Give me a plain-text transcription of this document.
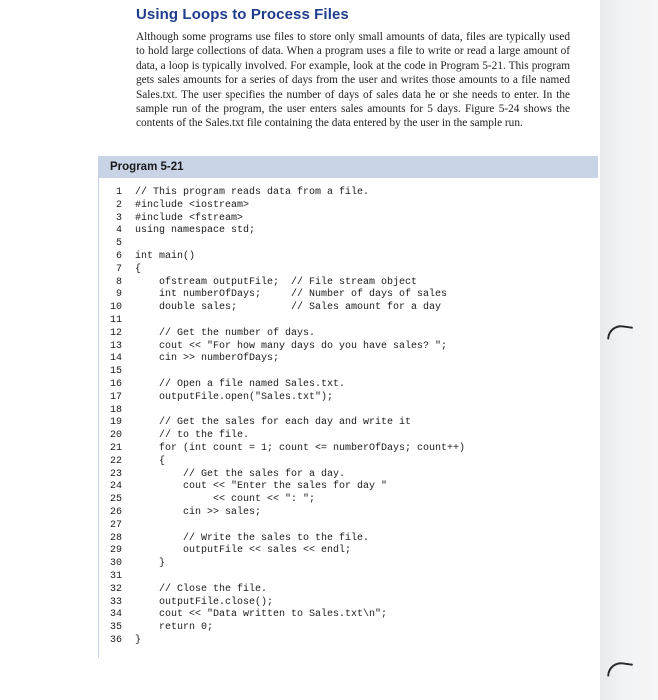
Using Loops to Process Files

Although some programs use files to store only small amounts of data, files are typically used to hold large collections of data. When a program uses a file to write or read a large amount of data, a loop is typically involved. For example, look at the code in Program 5-21. This program gets sales amounts for a series of days from the user and writes those amounts to a file named Sales.txt. The user specifies the number of days of sales data he or she needs to enter. In the sample run of the program, the user enters sales amounts for 5 days. Figure 5-24 shows the contents of the Sales.txt file containing the data entered by the user in the sample run.

Program 5-21
1 // This program reads data from a file.
2 #include <iostream>
3 #include <fstream>
4 using namespace std;
5
6 int main()
7 {
8 ofstream outputFile;  // File stream object
9 int numberOfDays;     // Number of days of sales
10 double sales;         // Sales amount for a day
11
12 // Get the number of days.
13 cout << "For how many days do you have sales? ";
14 cin >> numberOfDays;
15
16 // Open a file named Sales.txt.
17 outputFile.open("Sales.txt");
18
19 // Get the sales for each day and write it
20 // to the file.
21 for (int count = 1; count <= numberOfDays; count++)
22 {
23 // Get the sales for a day.
24 cout << "Enter the sales for day "
25 << count << ": ";
26 cin >> sales;
27
28 // Write the sales to the file.
29 outputFile << sales << endl;
30 }
31
32 // Close the file.
33 outputFile.close();
34 cout << "Data written to Sales.txt\n";
35 return 0;
36 }
